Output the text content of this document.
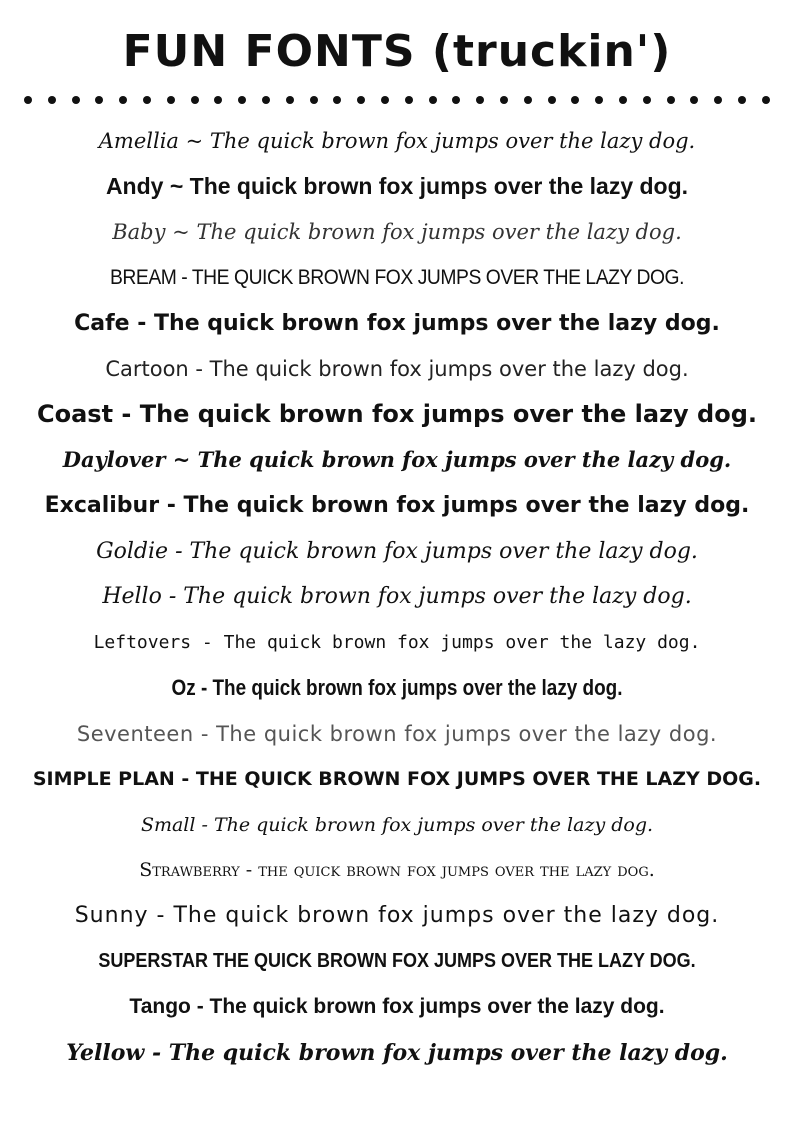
FUN FONTS (truckin')
Amellia ~ The quick brown fox jumps over the lazy dog.
Andy ~ The quick brown fox jumps over the lazy dog.
Baby ~ The quick brown fox jumps over the lazy dog.
BREAM - THE QUICK BROWN FOX JUMPS OVER THE LAZY DOG.
Cafe - The quick brown fox jumps over the lazy dog.
Cartoon - The quick brown fox jumps over the lazy dog.
Coast - The quick brown fox jumps over the lazy dog.
Daylover ~ The quick brown fox jumps over the lazy dog.
Excalibur - The quick brown fox jumps over the lazy dog.
Goldie - The quick brown fox jumps over the lazy dog.
Hello - The quick brown fox jumps over the lazy dog.
Leftovers - The quick brown fox jumps over the lazy dog.
Oz - The quick brown fox jumps over the lazy dog.
Seventeen - The quick brown fox jumps over the lazy dog.
SIMPLE PLAN - THE QUICK BROWN FOX JUMPS OVER THE LAZY DOG.
Small - The quick brown fox jumps over the lazy dog.
Strawberry - the quick brown fox jumps over the lazy dog.
Sunny - The quick brown fox jumps over the lazy dog.
SUPERSTAR THE QUICK BROWN FOX JUMPS OVER THE LAZY DOG.
Tango - The quick brown fox jumps over the lazy dog.
Yellow - The quick brown fox jumps over the lazy dog.
